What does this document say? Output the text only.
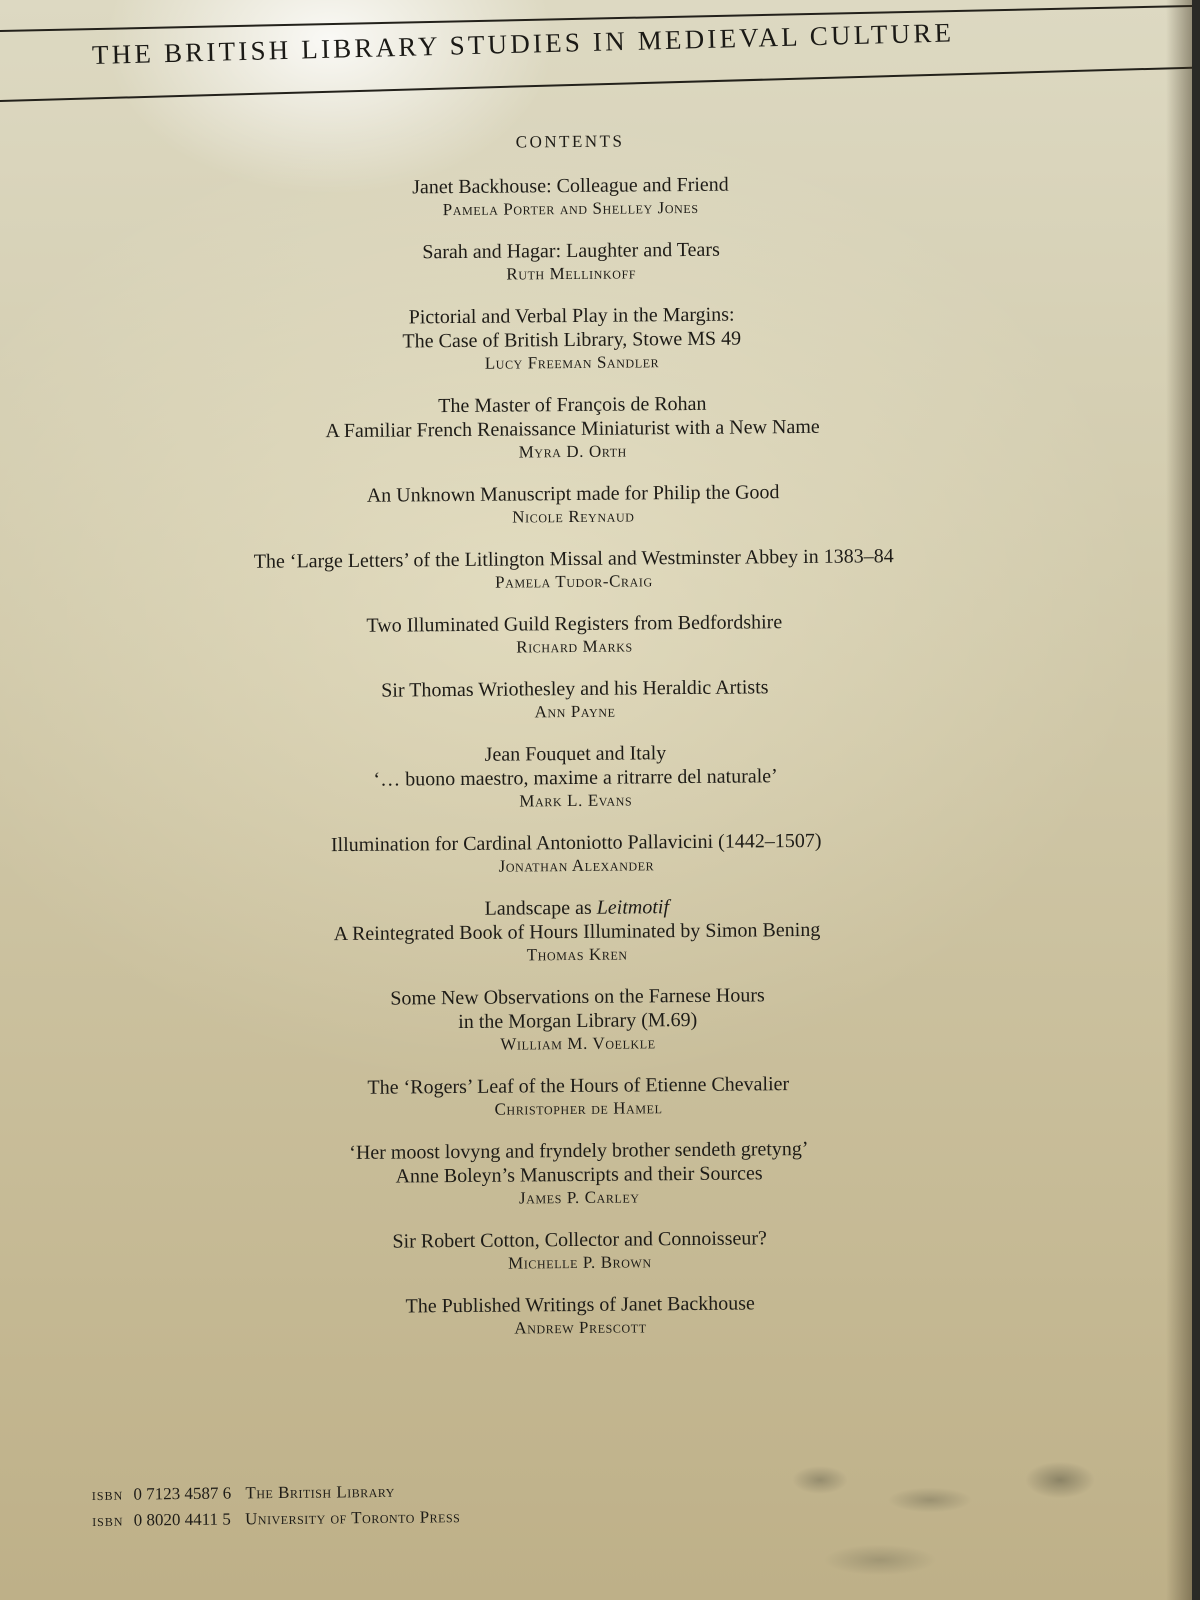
THE BRITISH LIBRARY STUDIES IN MEDIEVAL CULTURE
CONTENTS
Janet Backhouse: Colleague and Friend
Pamela Porter and Shelley Jones
Sarah and Hagar: Laughter and Tears
Ruth Mellinkoff
Pictorial and Verbal Play in the Margins:
The Case of British Library, Stowe MS 49
Lucy Freeman Sandler
The Master of François de Rohan
A Familiar French Renaissance Miniaturist with a New Name
Myra D. Orth
An Unknown Manuscript made for Philip the Good
Nicole Reynaud
The ‘Large Letters’ of the Litlington Missal and Westminster Abbey in 1383–84
Pamela Tudor-Craig
Two Illuminated Guild Registers from Bedfordshire
Richard Marks
Sir Thomas Wriothesley and his Heraldic Artists
Ann Payne
Jean Fouquet and Italy
‘… buono maestro, maxime a ritrarre del naturale’
Mark L. Evans
Illumination for Cardinal Antoniotto Pallavicini (1442–1507)
Jonathan Alexander
Landscape as Leitmotif
A Reintegrated Book of Hours Illuminated by Simon Bening
Thomas Kren
Some New Observations on the Farnese Hours
in the Morgan Library (M.69)
William M. Voelkle
The ‘Rogers’ Leaf of the Hours of Etienne Chevalier
Christopher de Hamel
‘Her moost lovyng and fryndely brother sendeth gretyng’
Anne Boleyn’s Manuscripts and their Sources
James P. Carley
Sir Robert Cotton, Collector and Connoisseur?
Michelle P. Brown
The Published Writings of Janet Backhouse
Andrew Prescott
isbn 0 7123 4587 6 The British Library
isbn 0 8020 4411 5 University of Toronto Press
